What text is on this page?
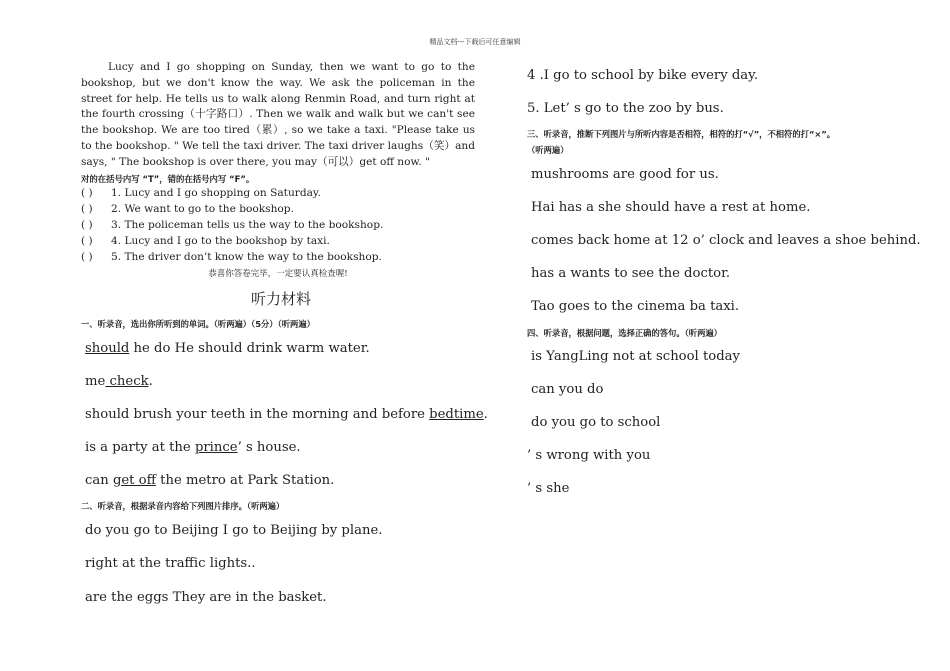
精品文档---下载后可任意编辑
Lucy and I go shopping on Sunday, then we want to go to the bookshop, but we don't know the way. We ask the policeman in the street for help. He tells us to walk along Renmin Road, and turn right at the fourth crossing（十字路口）. Then we walk and walk but we can't see the bookshop. We are too tired（累）, so we take a taxi. "Please take us to the bookshop. " We tell the taxi driver. The taxi driver laughs（笑）and says, " The bookshop is over there, you may（可以）get off now. "
对的在括号内写 “T”，错的在括号内写 “F”。
( ) 1. Lucy and I go shopping on Saturday.
( ) 2. We want to go to the bookshop.
( ) 3. The policeman tells us the way to the bookshop.
( ) 4. Lucy and I go to the bookshop by taxi.
( ) 5. The driver don’t know the way to the bookshop.
恭喜你答卷完毕，一定要认真检查喔!
听力材料
一、听录音，选出你所听到的单词。（听两遍）（5分）（听两遍）
should he do He should drink warm water.
me check.
should brush your teeth in the morning and before bedtime.
is a party at the prince’ s house.
can get off the metro at Park Station.
二、听录音，根据录音内容给下列图片排序。（听两遍）
do you go to Beijing I go to Beijing by plane.
right at the traffic lights..
are the eggs They are in the basket.
4 .I go to school by bike every day.
5. Let’ s go to the zoo by bus.
三、听录音，推断下列图片与所听内容是否相符，相符的打“√”，不相符的打“×”。
（听两遍）
mushrooms are good for us.
Hai has a she should have a rest at home.
comes back home at 12 o’ clock and leaves a shoe behind.
has a wants to see the doctor.
Tao goes to the cinema ba taxi.
四、听录音，根据问题，选择正确的答句。（听两遍）
is YangLing not at school today
can you do
do you go to school
’ s wrong with you
’ s she
